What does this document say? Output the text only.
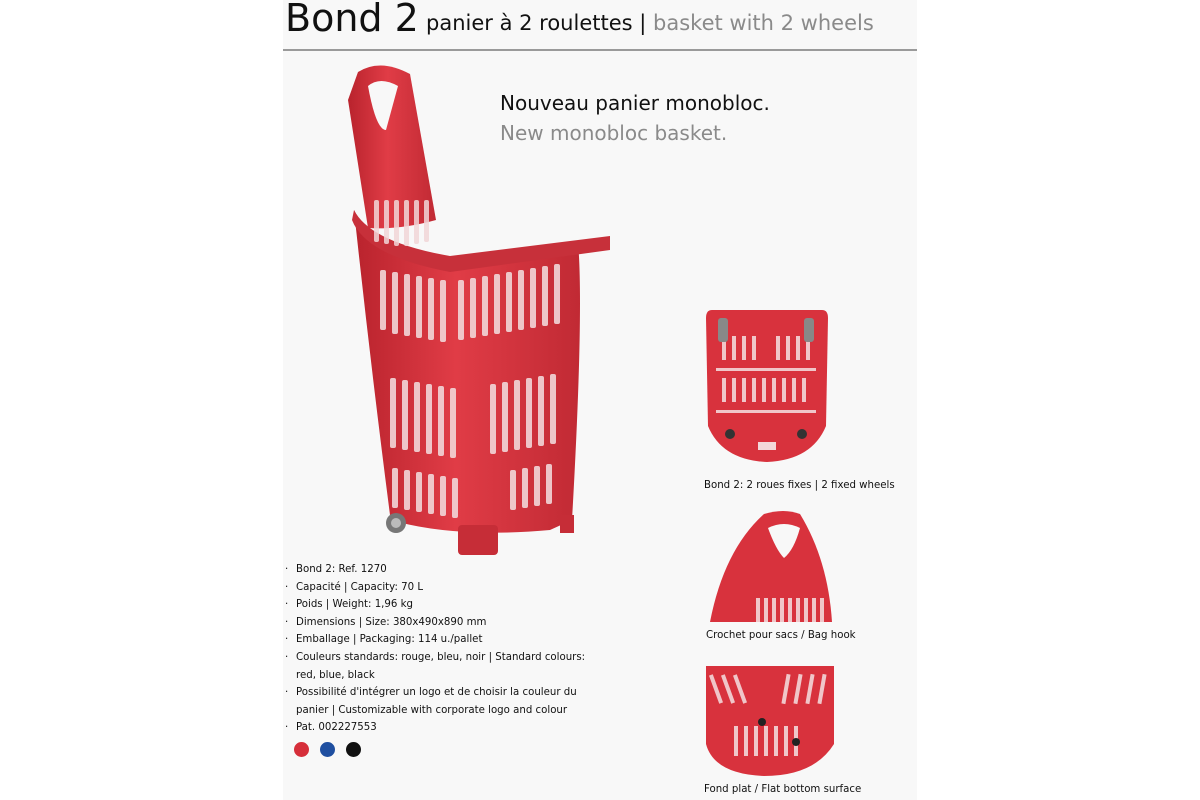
Bond 2 panier à 2 roulettes | basket with 2 wheels
Nouveau panier monobloc.
New monobloc basket.
· Bond 2: Ref. 1270
· Capacité | Capacity: 70 L
· Poids | Weight: 1,96 kg
· Dimensions | Size: 380x490x890 mm
· Emballage | Packaging: 114 u./pallet
· Couleurs standards: rouge, bleu, noir | Standard colours: red, blue, black
· Possibilité d'intégrer un logo et de choisir la couleur du panier | Customizable with corporate logo and colour
· Pat. 002227553

Bond 2: 2 roues fixes | 2 fixed wheels
Crochet pour sacs / Bag hook
Fond plat / Flat bottom surface
